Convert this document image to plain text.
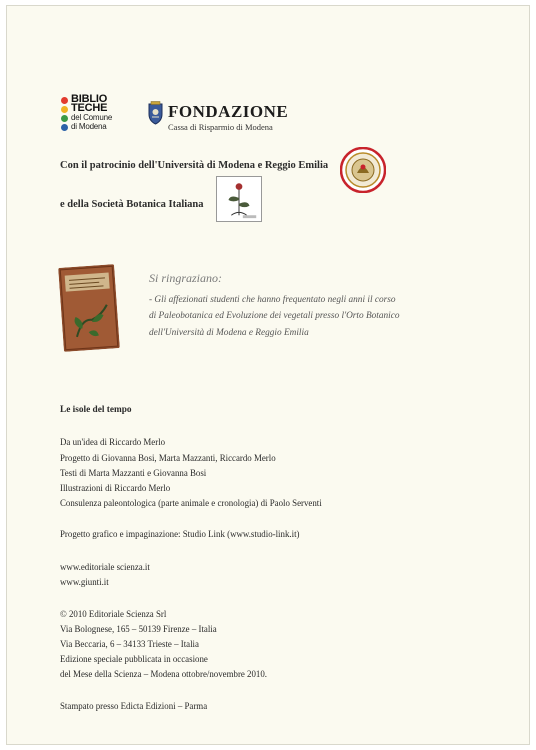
BIBLIO
TECHE
del Comune
di Modena
FONDAZIONE
Cassa di Risparmio di Modena
Con il patrocinio dell'Università di Modena e Reggio Emilia
e della Società Botanica Italiana
Si ringraziano:
- Gli affezionati studenti che hanno frequentato negli anni il corso
di Paleobotanica ed Evoluzione dei vegetali presso l'Orto Botanico
dell'Università di Modena e Reggio Emilia
Le isole del tempo
Da un'idea di Riccardo Merlo
Progetto di Giovanna Bosi, Marta Mazzanti, Riccardo Merlo
Testi di Marta Mazzanti e Giovanna Bosi
Illustrazioni di Riccardo Merlo
Consulenza paleontologica (parte animale e cronologia) di Paolo Serventi
Progetto grafico e impaginazione: Studio Link (www.studio-link.it)
www.editoriale scienza.it
www.giunti.it
© 2010 Editoriale Scienza Srl
Via Bolognese, 165 – 50139 Firenze – Italia
Via Beccaria, 6 – 34133 Trieste – Italia
Edizione speciale pubblicata in occasione
del Mese della Scienza – Modena ottobre/novembre 2010.
Stampato presso Edicta Edizioni – Parma
